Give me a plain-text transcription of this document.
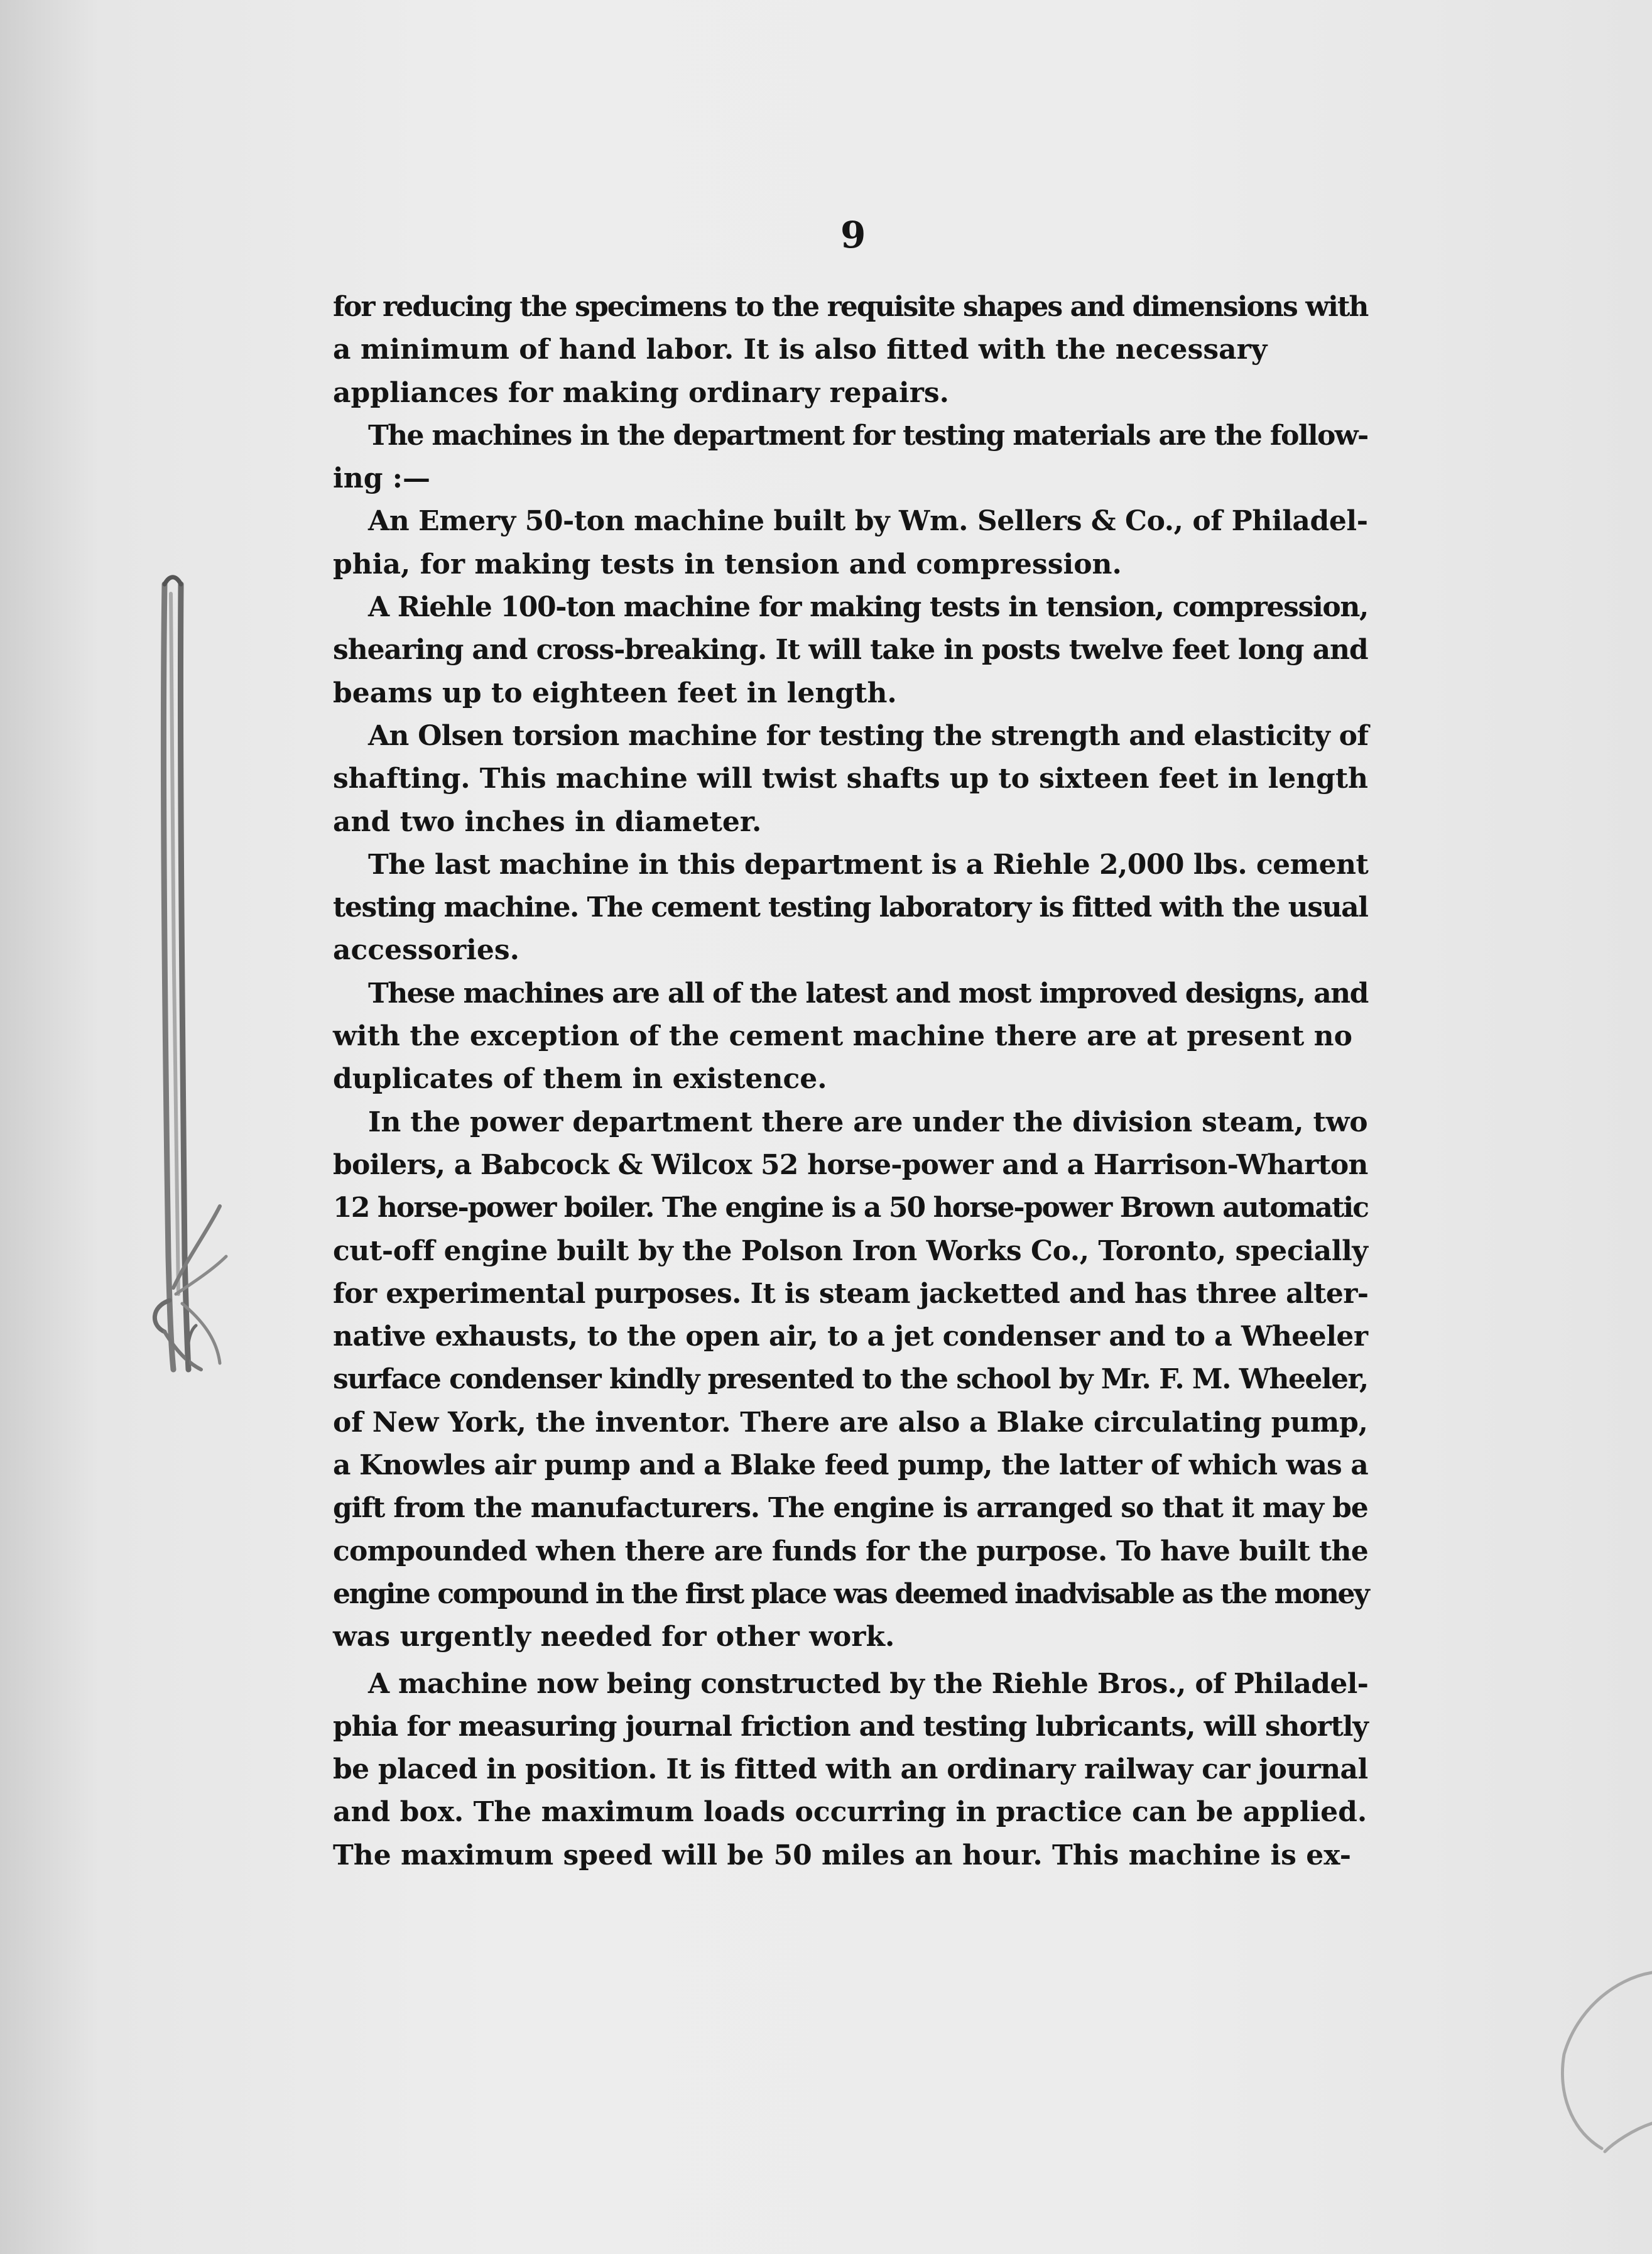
9
for reducing the specimens to the requisite shapes and dimensions with
a minimum of hand labor. It is also fitted with the necessary
appliances for making ordinary repairs.
The machines in the department for testing materials are the follow-
ing :—
An Emery 50-ton machine built by Wm. Sellers & Co., of Philadel-
phia, for making tests in tension and compression.
A Riehle 100-ton machine for making tests in tension, compression,
shearing and cross-breaking. It will take in posts twelve feet long and
beams up to eighteen feet in length.
An Olsen torsion machine for testing the strength and elasticity of
shafting. This machine will twist shafts up to sixteen feet in length
and two inches in diameter.
The last machine in this department is a Riehle 2,000 lbs. cement
testing machine. The cement testing laboratory is fitted with the usual
accessories.
These machines are all of the latest and most improved designs, and
with the exception of the cement machine there are at present no
duplicates of them in existence.
In the power department there are under the division steam, two
boilers, a Babcock & Wilcox 52 horse-power and a Harrison-Wharton
12 horse-power boiler. The engine is a 50 horse-power Brown automatic
cut-off engine built by the Polson Iron Works Co., Toronto, specially
for experimental purposes. It is steam jacketted and has three alter-
native exhausts, to the open air, to a jet condenser and to a Wheeler
surface condenser kindly presented to the school by Mr. F. M. Wheeler,
of New York, the inventor. There are also a Blake circulating pump,
a Knowles air pump and a Blake feed pump, the latter of which was a
gift from the manufacturers. The engine is arranged so that it may be
compounded when there are funds for the purpose. To have built the
engine compound in the first place was deemed inadvisable as the money
was urgently needed for other work.
A machine now being constructed by the Riehle Bros., of Philadel-
phia for measuring journal friction and testing lubricants, will shortly
be placed in position. It is fitted with an ordinary railway car journal
and box. The maximum loads occurring in practice can be applied.
The maximum speed will be 50 miles an hour. This machine is ex-
